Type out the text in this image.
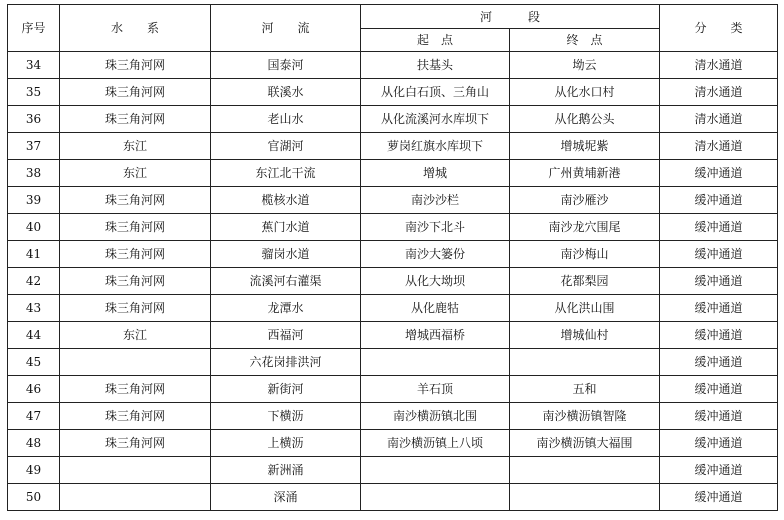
序号	水　　系	河　　流	河　　　段		分　　类
			起　点	终　点	
34	珠三角河网	国泰河	扶基头	坳云	清水通道
35	珠三角河网	联溪水	从化白石顶、三角山	从化水口村	清水通道
36	珠三角河网	老山水	从化流溪河水库坝下	从化鹅公头	清水通道
37	东江	官湖河	萝岗红旗水库坝下	增城坭紫	清水通道
38	东江	东江北干流	增城	广州黄埔新港	缓冲通道
39	珠三角河网	榄核水道	南沙沙栏	南沙雁沙	缓冲通道
40	珠三角河网	蕉门水道	南沙下北斗	南沙龙穴围尾	缓冲通道
41	珠三角河网	骝岗水道	南沙大篓份	南沙梅山	缓冲通道
42	珠三角河网	流溪河右灌渠	从化大坳坝	花都梨园	缓冲通道
43	珠三角河网	龙潭水	从化鹿牯	从化洪山围	缓冲通道
44	东江	西福河	增城西福桥	增城仙村	缓冲通道
45		六花岗排洪河			缓冲通道
46	珠三角河网	新街河	羊石顶	五和	缓冲通道
47	珠三角河网	下横沥	南沙横沥镇北围	南沙横沥镇智隆	缓冲通道
48	珠三角河网	上横沥	南沙横沥镇上八顷	南沙横沥镇大福围	缓冲通道
49		新洲涌			缓冲通道
50		深涌			缓冲通道
